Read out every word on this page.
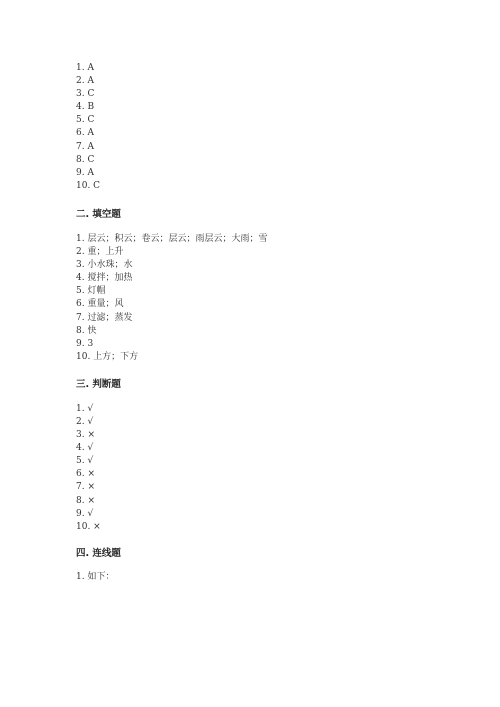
1. A
2. A
3. C
4. B
5. C
6. A
7. A
8. C
9. A
10. C
二. 填空题
1. 层云；积云；卷云；层云；雨层云；大雨；雪
2. 重；上升
3. 小水珠；水
4. 搅拌；加热
5. 灯帽
6. 重量；风
7. 过滤；蒸发
8. 快
9. 3
10. 上方；下方
三. 判断题
1. √
2. √
3. ×
4. √
5. √
6. ×
7. ×
8. ×
9. √
10. ×
四. 连线题
1. 如下：
